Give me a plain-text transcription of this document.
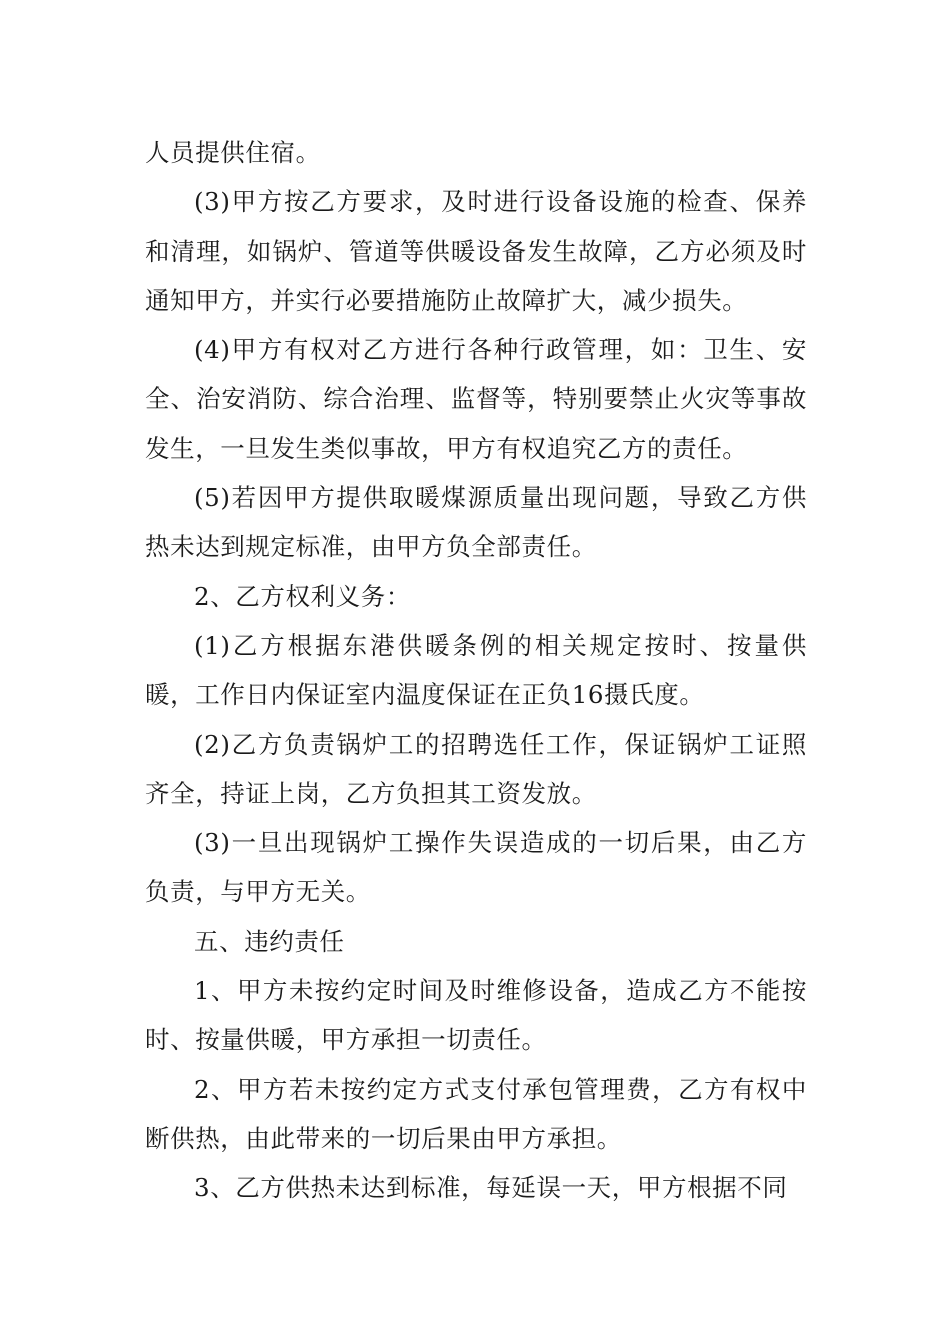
人员提供住宿。

(3)甲方按乙方要求，及时进行设备设施的检查、保养和清理，如锅炉、管道等供暖设备发生故障，乙方必须及时通知甲方，并实行必要措施防止故障扩大，减少损失。

(4)甲方有权对乙方进行各种行政管理，如：卫生、安全、治安消防、综合治理、监督等，特别要禁止火灾等事故发生，一旦发生类似事故，甲方有权追究乙方的责任。

(5)若因甲方提供取暖煤源质量出现问题，导致乙方供热未达到规定标准，由甲方负全部责任。

2、乙方权利义务：

(1)乙方根据东港供暖条例的相关规定按时、按量供暖，工作日内保证室内温度保证在正负16摄氏度。

(2)乙方负责锅炉工的招聘选任工作，保证锅炉工证照齐全，持证上岗，乙方负担其工资发放。

(3)一旦出现锅炉工操作失误造成的一切后果，由乙方负责，与甲方无关。

五、违约责任

1、甲方未按约定时间及时维修设备，造成乙方不能按时、按量供暖，甲方承担一切责任。

2、甲方若未按约定方式支付承包管理费，乙方有权中断供热，由此带来的一切后果由甲方承担。

3、乙方供热未达到标准，每延误一天，甲方根据不同
